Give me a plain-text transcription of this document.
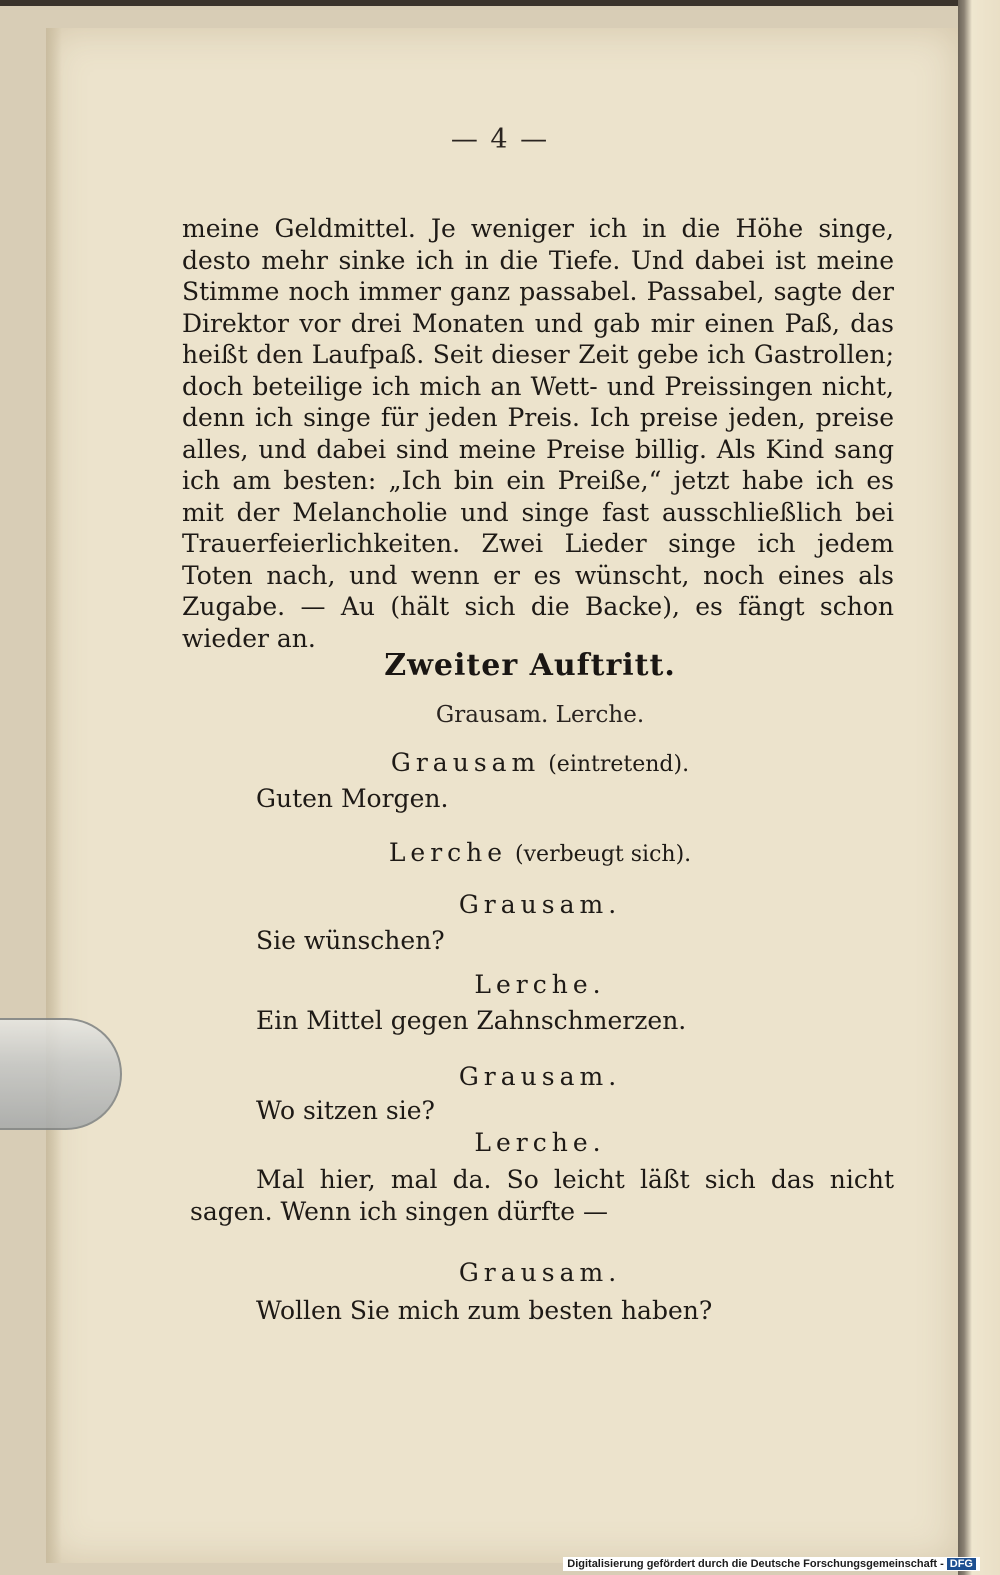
— 4 —

meine Geldmittel. Je weniger ich in die Höhe singe, desto mehr sinke ich in die Tiefe. Und dabei ist meine Stimme noch immer ganz passabel. Passabel, sagte der Direktor vor drei Monaten und gab mir einen Paß, das heißt den Laufpaß. Seit dieser Zeit gebe ich Gastrollen; doch beteilige ich mich an Wett- und Preissingen nicht, denn ich singe für jeden Preis. Ich preise jeden, preise alles, und dabei sind meine Preise billig. Als Kind sang ich am besten: „Ich bin ein Preiße,“ jetzt habe ich es mit der Melancholie und singe fast ausschließlich bei Trauerfeierlichkeiten. Zwei Lieder singe ich jedem Toten nach, und wenn er es wünscht, noch eines als Zugabe. — Au (hält sich die Backe), es fängt schon wieder an.

Zweiter Auftritt.
Grausam. Lerche.
Grausam (eintretend).
Guten Morgen.
Lerche (verbeugt sich).
Grausam.
Sie wünschen?
Lerche.
Ein Mittel gegen Zahnschmerzen.
Grausam.
Wo sitzen sie?
Lerche.
Mal hier, mal da. So leicht läßt sich das nicht sagen. Wenn ich singen dürfte —
Grausam.
Wollen Sie mich zum besten haben?
Digitalisierung gefördert durch die Deutsche Forschungsgemeinschaft - DFG
